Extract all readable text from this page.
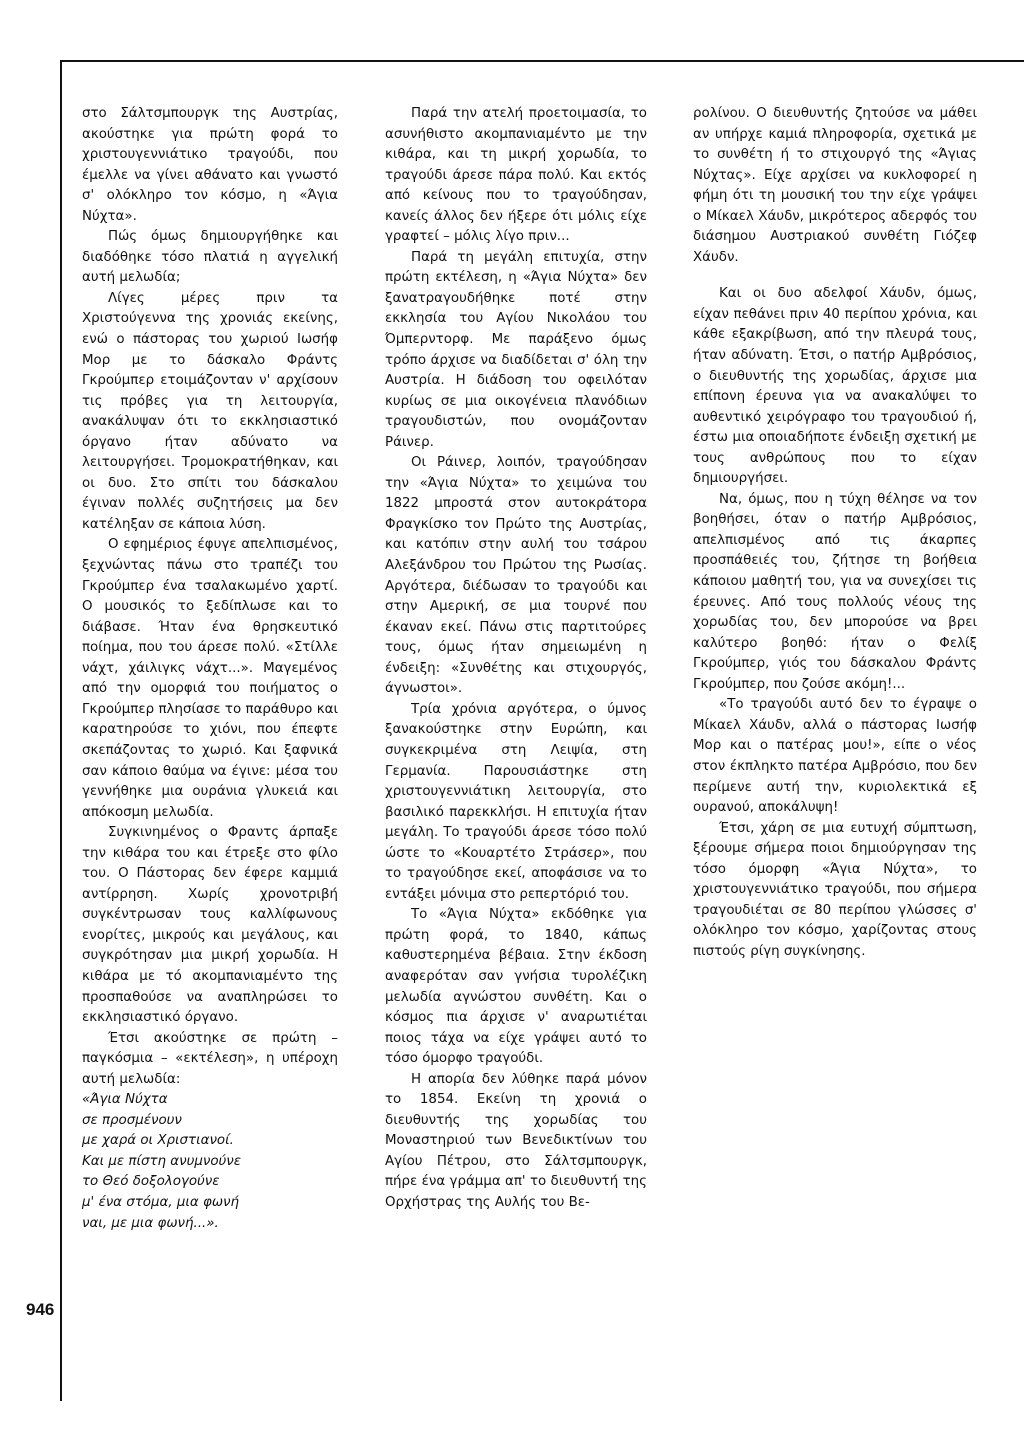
στο Σάλτσμπουργκ της Αυστρίας, ακούστηκε για πρώτη φορά το χριστουγεννιάτικο τραγούδι, που έμελλε να γίνει αθάνατο και γνωστό σ' ολόκληρο τον κόσμο, η «Άγια Νύχτα».

Πώς όμως δημιουργήθηκε και διαδόθηκε τόσο πλατιά η αγγελική αυτή μελωδία;

Λίγες μέρες πριν τα Χριστούγεννα της χρονιάς εκείνης, ενώ ο πάστορας του χωριού Ιωσήφ Μορ με το δάσκαλο Φράντς Γκρούμπερ ετοιμάζονταν ν' αρχίσουν τις πρόβες για τη λειτουργία, ανακάλυψαν ότι το εκκλησιαστικό όργανο ήταν αδύνατο να λειτουργήσει. Τρομοκρατήθηκαν, και οι δυο. Στο σπίτι του δάσκαλου έγιναν πολλές συζητήσεις μα δεν κατέληξαν σε κάποια λύση.

Ο εφημέριος έφυγε απελπισμένος, ξεχνώντας πάνω στο τραπέζι του Γκρούμπερ ένα τσαλακωμένο χαρτί. Ο μουσικός το ξεδίπλωσε και το διάβασε. Ήταν ένα θρησκευτικό ποίημα, που του άρεσε πολύ. «Στίλλε νάχτ, χάιλιγκς νάχτ...». Μαγεμένος από την ομορφιά του ποιήματος ο Γκρούμπερ πλησίασε το παράθυρο και καρατηρούσε το χιόνι, που έπεφτε σκεπάζοντας το χωριό. Και ξαφνικά σαν κάποιο θαύμα να έγινε: μέσα του γεννήθηκε μια ουράνια γλυκειά και απόκοσμη μελωδία.

Συγκινημένος ο Φραντς άρπαξε την κιθάρα του και έτρεξε στο φίλο του. Ο Πάστορας δεν έφερε καμμιά αντίρρηση. Χωρίς χρονοτριβή συγκέντρωσαν τους καλλίφωνους ενορίτες, μικρούς και μεγάλους, και συγκρότησαν μια μικρή χορωδία. Η κιθάρα με τό ακομπανιαμέντο της προσπαθούσε να αναπληρώσει το εκκλησιαστικό όργανο.

Έτσι ακούστηκε σε πρώτη – παγκόσμια – «εκτέλεση», η υπέροχη αυτή μελωδία:

«Άγια Νύχτα
σε προσμένουν
με χαρά οι Χριστιανοί.
Και με πίστη ανυμνούνε
το Θεό δοξολογούνε
μ' ένα στόμα, μια φωνή
ναι, με μια φωνή...».

Παρά την ατελή προετοιμασία, το ασυνήθιστο ακομπανιαμέντο με την κιθάρα, και τη μικρή χορωδία, το τραγούδι άρεσε πάρα πολύ. Και εκτός από κείνους που το τραγούδησαν, κανείς άλλος δεν ήξερε ότι μόλις είχε γραφτεί – μόλις λίγο πριν...

Παρά τη μεγάλη επιτυχία, στην πρώτη εκτέλεση, η «Άγια Νύχτα» δεν ξανατραγουδήθηκε ποτέ στην εκκλησία του Αγίου Νικολάου του Όμπερντορφ. Με παράξενο όμως τρόπο άρχισε να διαδίδεται σ' όλη την Αυστρία. Η διάδοση του οφειλόταν κυρίως σε μια οικογένεια πλανόδιων τραγουδιστών, που ονομάζονταν Ράινερ.

Οι Ράινερ, λοιπόν, τραγούδησαν την «Άγια Νύχτα» το χειμώνα του 1822 μπροστά στον αυτοκράτορα Φραγκίσκο τον Πρώτο της Αυστρίας, και κατόπιν στην αυλή του τσάρου Αλεξάνδρου του Πρώτου της Ρωσίας. Αργότερα, διέδωσαν το τραγούδι και στην Αμερική, σε μια τουρνέ που έκαναν εκεί. Πάνω στις παρτιτούρες τους, όμως ήταν σημειωμένη η ένδειξη: «Συνθέτης και στιχουργός, άγνωστοι».

Τρία χρόνια αργότερα, ο ύμνος ξανακούστηκε στην Ευρώπη, και συγκεκριμένα στη Λειψία, στη Γερμανία. Παρουσιάστηκε στη χριστουγεννιάτικη λειτουργία, στο βασιλικό παρεκκλήσι. Η επιτυχία ήταν μεγάλη. Το τραγούδι άρεσε τόσο πολύ ώστε το «Κουαρτέτο Στράσερ», που το τραγούδησε εκεί, αποφάσισε να το εντάξει μόνιμα στο ρεπερτόριό του.

Το «Άγια Νύχτα» εκδόθηκε για πρώτη φορά, το 1840, κάπως καθυστερημένα βέβαια. Στην έκδοση αναφερόταν σαν γνήσια τυρολέζικη μελωδία αγνώστου συνθέτη. Και ο κόσμος πια άρχισε ν' αναρωτιέται ποιος τάχα να είχε γράψει αυτό το τόσο όμορφο τραγούδι.

Η απορία δεν λύθηκε παρά μόνον το 1854. Εκείνη τη χρονιά ο διευθυντής της χορωδίας του Μοναστηριού των Βενεδικτίνων του Αγίου Πέτρου, στο Σάλτσμπουργκ, πήρε ένα γράμμα απ' το διευθυντή της Ορχήστρας της Αυλής του Βε-

ρολίνου. Ο διευθυντής ζητούσε να μάθει αν υπήρχε καμιά πληροφορία, σχετικά με το συνθέτη ή το στιχουργό της «Άγιας Νύχτας». Είχε αρχίσει να κυκλοφορεί η φήμη ότι τη μουσική του την είχε γράψει ο Μίκαελ Χάυδν, μικρότερος αδερφός του διάσημου Αυστριακού συνθέτη Γιόζεφ Χάυδν.

Και οι δυο αδελφοί Χάυδν, όμως, είχαν πεθάνει πριν 40 περίπου χρόνια, και κάθε εξακρίβωση, από την πλευρά τους, ήταν αδύνατη. Έτσι, ο πατήρ Αμβρόσιος, ο διευθυντής της χορωδίας, άρχισε μια επίπονη έρευνα για να ανακαλύψει το αυθεντικό χειρόγραφο του τραγουδιού ή, έστω μια οποιαδήποτε ένδειξη σχετική με τους ανθρώπους που το είχαν δημιουργήσει.

Να, όμως, που η τύχη θέλησε να τον βοηθήσει, όταν ο πατήρ Αμβρόσιος, απελπισμένος από τις άκαρπες προσπάθειές του, ζήτησε τη βοήθεια κάποιου μαθητή του, για να συνεχίσει τις έρευνες. Από τους πολλούς νέους της χορωδίας του, δεν μπορούσε να βρει καλύτερο βοηθό: ήταν ο Φελίξ Γκρούμπερ, γιός του δάσκαλου Φράντς Γκρούμπερ, που ζούσε ακόμη!...

«Το τραγούδι αυτό δεν το έγραψε ο Μίκαελ Χάυδν, αλλά ο πάστορας Ιωσήφ Μορ και ο πατέρας μου!», είπε ο νέος στον έκπληκτο πατέρα Αμβρόσιο, που δεν περίμενε αυτή την, κυριολεκτικά εξ ουρανού, αποκάλυψη!

Έτσι, χάρη σε μια ευτυχή σύμπτωση, ξέρουμε σήμερα ποιοι δημιούργησαν της τόσο όμορφη «Άγια Νύχτα», το χριστουγεννιάτικο τραγούδι, που σήμερα τραγουδιέται σε 80 περίπου γλώσσες σ' ολόκληρο τον κόσμο, χαρίζοντας στους πιστούς ρίγη συγκίνησης.

946
